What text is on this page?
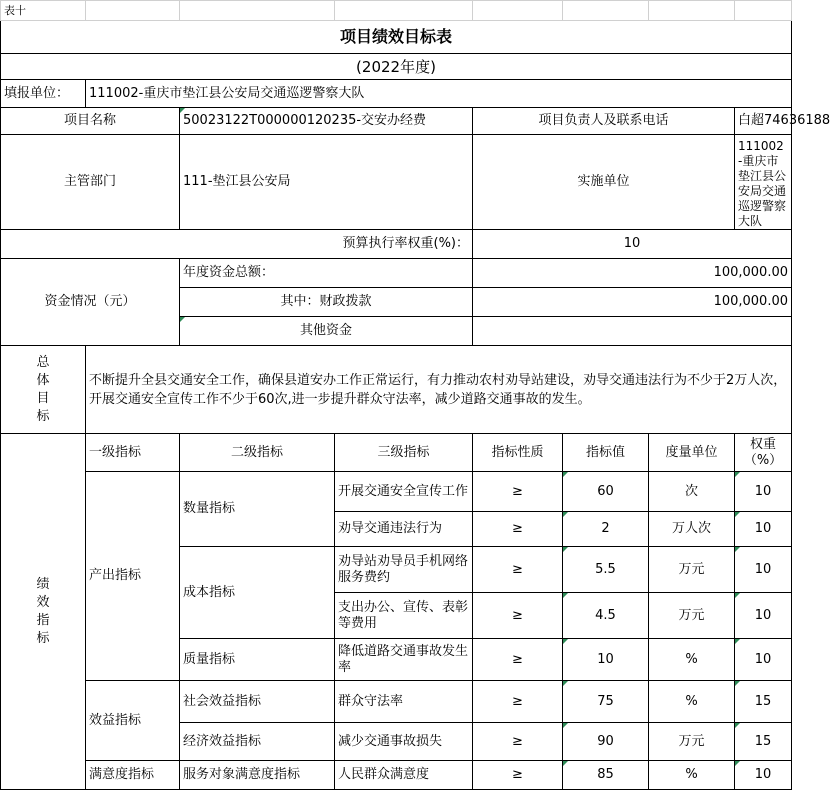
表十							
项目绩效目标表							
(2022年度)							
填报单位：	111002-重庆市垫江县公安局交通巡逻警察大队						
项目名称		50023122T000000120235-交安办经费		项目负责人及联系电话			白超74636188
主管部门		111-垫江县公安局		实施单位			111002-重庆市垫江县公安局交通巡逻警察大队
预算执行率权重(%)：				10			
资金情况（元）		年度资金总额：		100,000.00			
		其中：财政拨款		100,000.00			
		其他资金					
总体目标	不断提升全县交通安全工作，确保县道安办工作正常运行，有力推动农村劝导站建设，劝导交通违法行为不少于2万人次，开展交通安全宣传工作不少于60次,进一步提升群众守法率，减少道路交通事故的发生。						
绩效指标	一级指标	二级指标	三级指标	指标性质	指标值	度量单位	权重（%）
	产出指标	数量指标	开展交通安全宣传工作	≥	60	次	10
			劝导交通违法行为	≥	2	万人次	10
		成本指标	劝导站劝导员手机网络服务费约	≥	5.5	万元	10
			支出办公、宣传、表彰等费用	≥	4.5	万元	10
		质量指标	降低道路交通事故发生率	≥	10	%	10
	效益指标	社会效益指标	群众守法率	≥	75	%	15
		经济效益指标	减少交通事故损失	≥	90	万元	15
	满意度指标	服务对象满意度指标	人民群众满意度	≥	85	%	10
